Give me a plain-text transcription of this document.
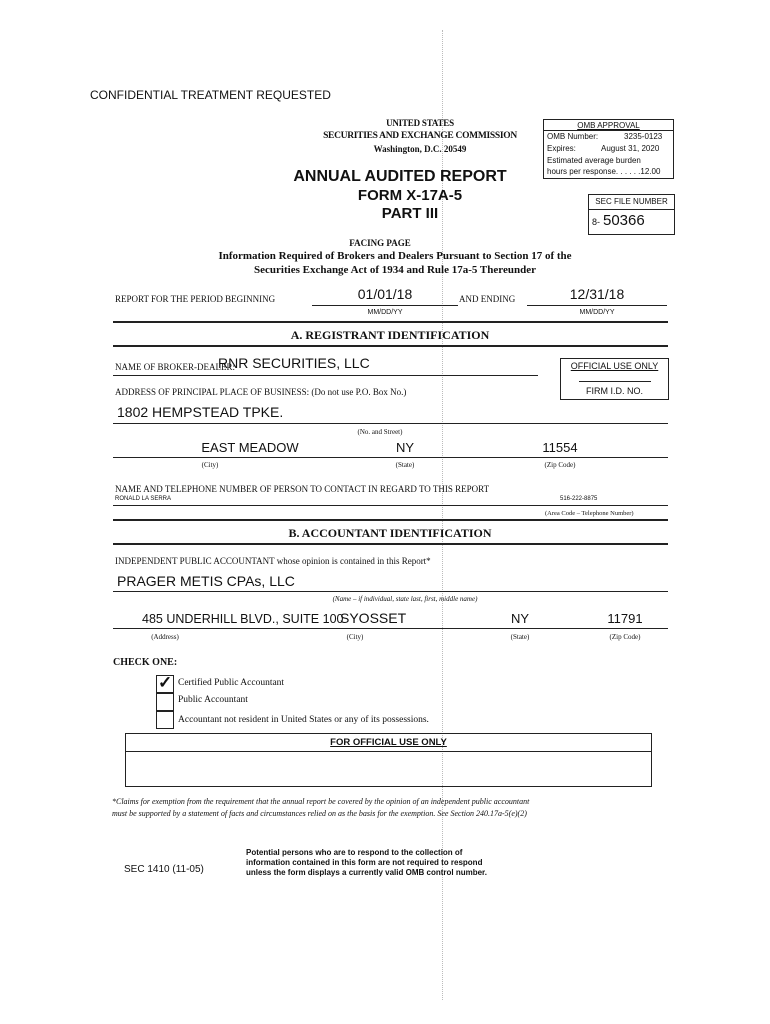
CONFIDENTIAL TREATMENT REQUESTED
UNITED STATES
SECURITIES AND EXCHANGE COMMISSION
Washington, D.C. 20549
ANNUAL AUDITED REPORT
FORM X-17A-5
PART III
OMB APPROVAL
OMB Number:	3235-0123
Expires:	August 31, 2020
Estimated average burden
hours per response. . . . . .12.00
SEC FILE NUMBER
8- 50366
FACING PAGE
Information Required of Brokers and Dealers Pursuant to Section 17 of the
Securities Exchange Act of 1934 and Rule 17a-5 Thereunder
REPORT FOR THE PERIOD BEGINNING	01/01/18
MM/DD/YY
AND ENDING	12/31/18
MM/DD/YY
A. REGISTRANT IDENTIFICATION
NAME OF BROKER-DEALER:
RNR SECURITIES, LLC	OFFICIAL USE ONLY
FIRM I.D. NO.
ADDRESS OF PRINCIPAL PLACE OF BUSINESS: (Do not use P.O. Box No.)
1802 HEMPSTEAD TPKE.
(No. and Street)
EAST MEADOW	NY	11554
(City)	(State)	(Zip Code)
NAME AND TELEPHONE NUMBER OF PERSON TO CONTACT IN REGARD TO THIS REPORT
RONALD LA SERRA	516-222-8875
(Area Code – Telephone Number)
B. ACCOUNTANT IDENTIFICATION
INDEPENDENT PUBLIC ACCOUNTANT whose opinion is contained in this Report*
PRAGER METIS CPAs, LLC
(Name – if individual, state last, first, middle name)
485 UNDERHILL BLVD., SUITE 100
SYOSSET	NY	11791
(Address)	(City)	(State)	(Zip Code)
CHECK ONE:
✓ Certified Public Accountant
Public Accountant
Accountant not resident in United States or any of its possessions.
FOR OFFICIAL USE ONLY
*Claims for exemption from the requirement that the annual report be covered by the opinion of an independent public accountant
must be supported by a statement of facts and circumstances relied on as the basis for the exemption. See Section 240.17a-5(e)(2)
SEC 1410 (11-05)
Potential persons who are to respond to the collection of
information contained in this form are not required to respond
unless the form displays a currently valid OMB control number.
